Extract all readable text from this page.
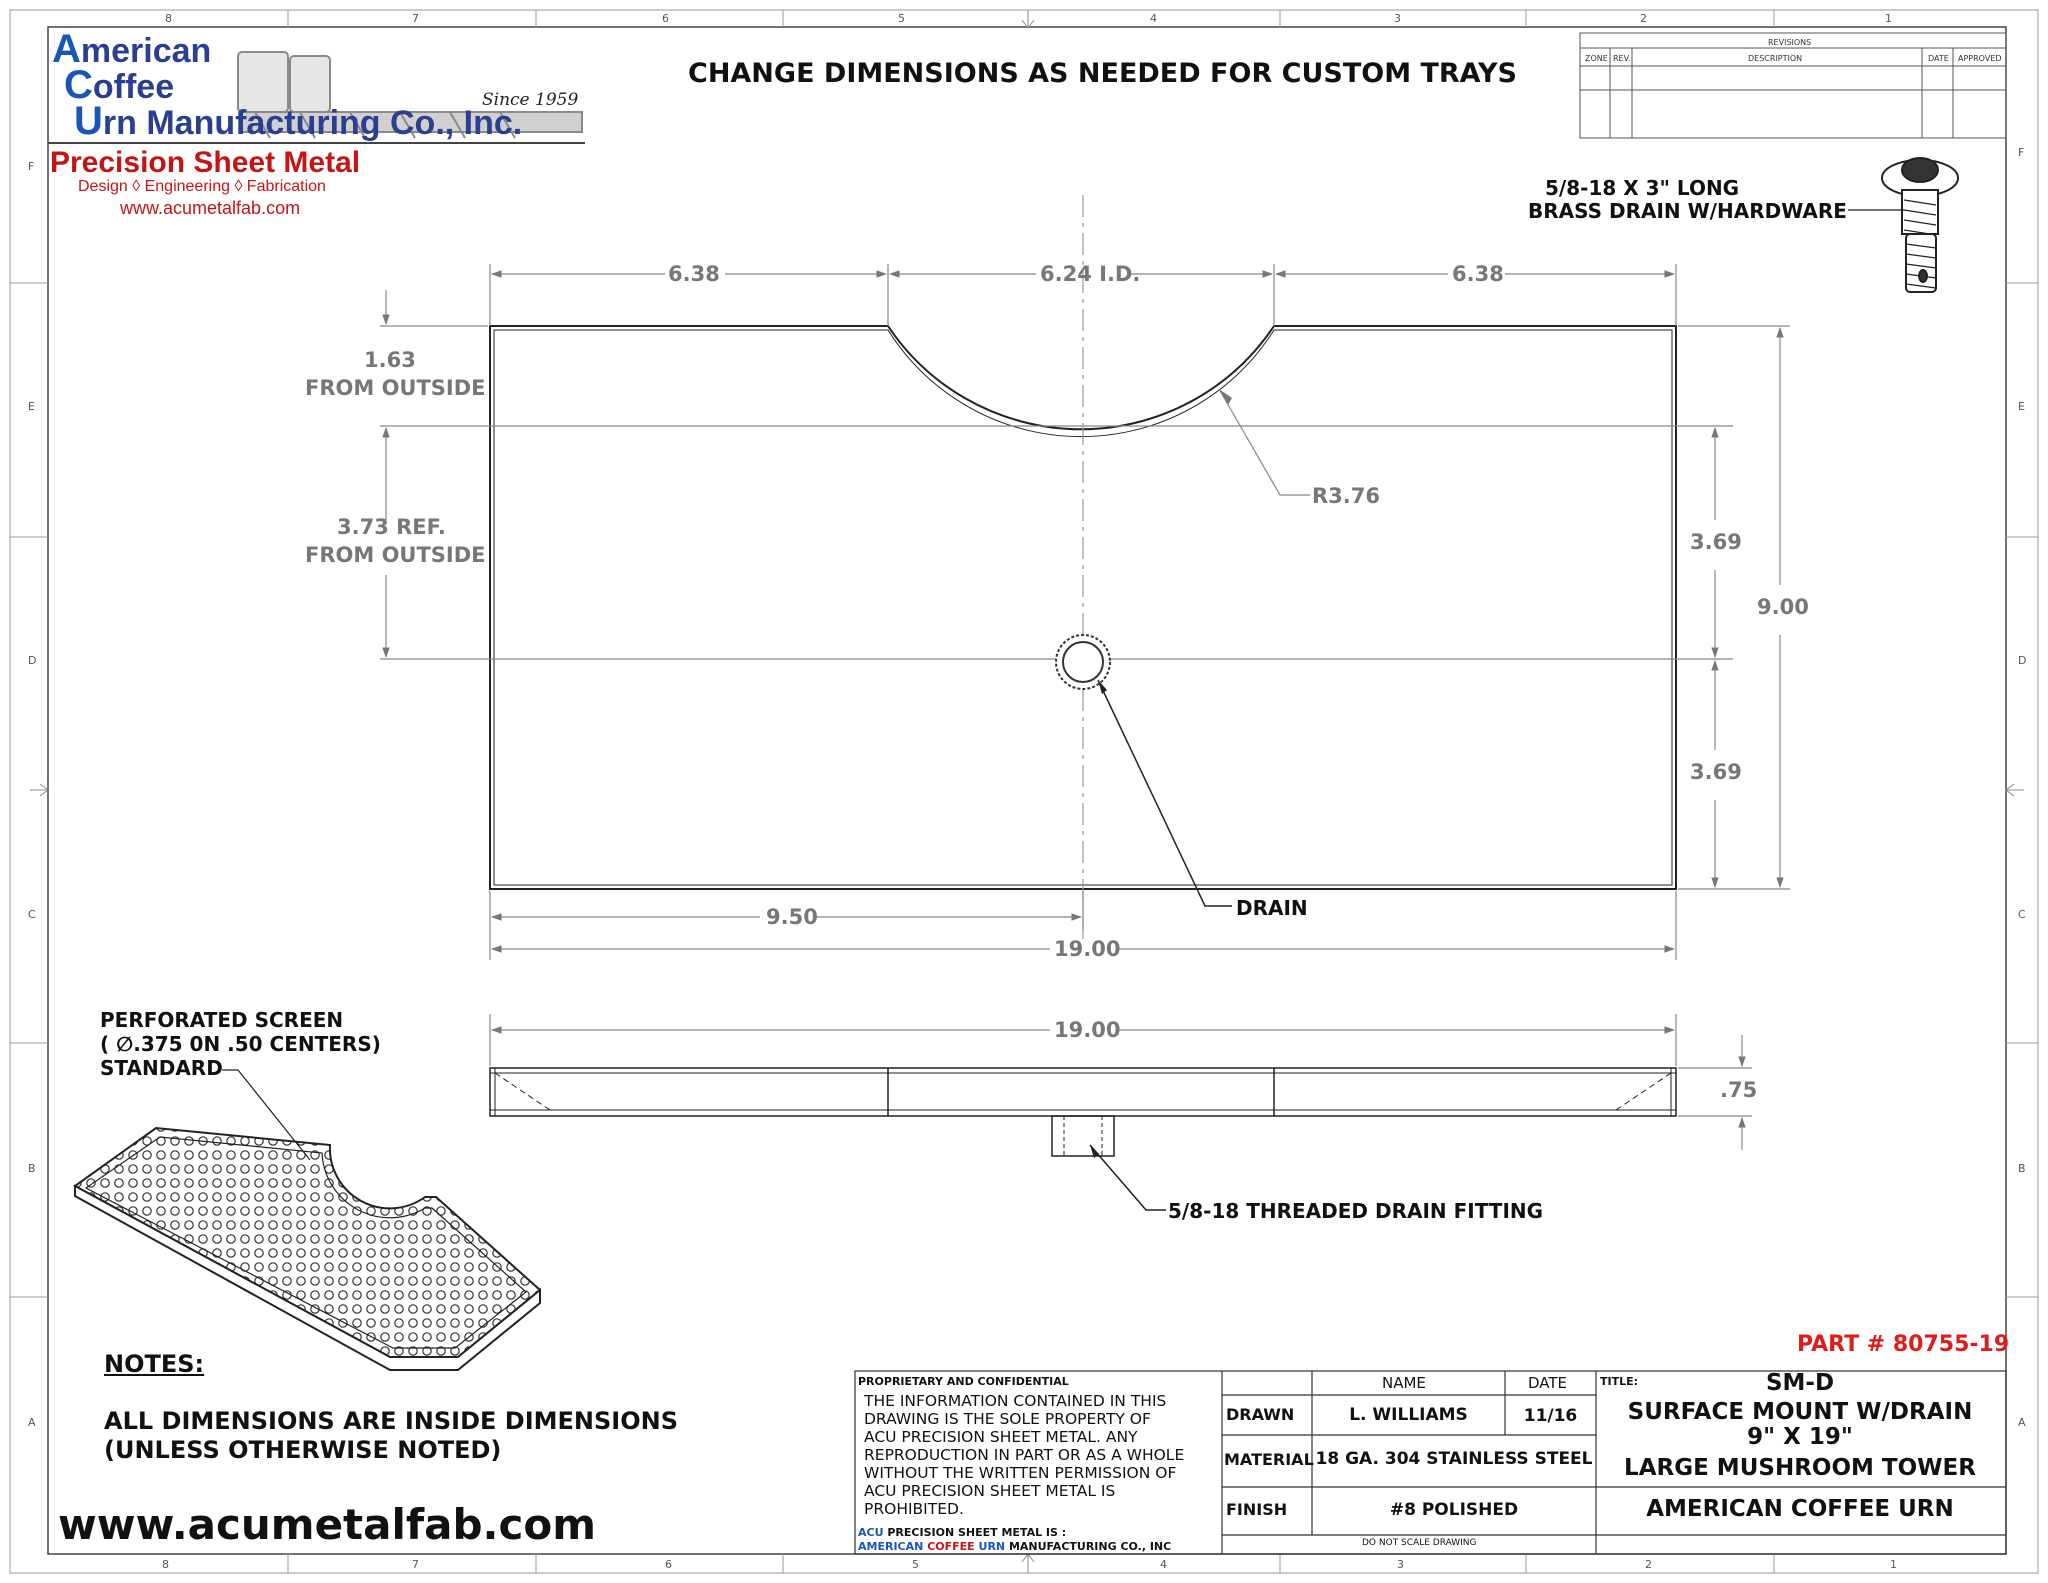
8	7	6	5	4	3	2	1
8	7	6	5	4	3	2	1
F
E
D
C
B
A
F
E
D
C
B
A
American
Coffee
Urn Manufacturing Co., Inc.
Since 1959
Precision Sheet Metal
Design ◊ Engineering ◊ Fabrication
www.acumetalfab.com
CHANGE DIMENSIONS AS NEEDED FOR CUSTOM TRAYS
REVISIONS
ZONE REV.	DESCRIPTION	DATE APPROVED
5/8-18 X 3" LONG
BRASS DRAIN W/HARDWARE
6.38	6.24 I.D.	6.38
1.63
FROM OUTSIDE
3.73 REF.
FROM OUTSIDE
R3.76
3.69
3.69
9.00
9.50
19.00
DRAIN
19.00
.75
5/8-18 THREADED DRAIN FITTING
PERFORATED SCREEN
( ∅.375 0N .50 CENTERS)
STANDARD
NOTES:
ALL DIMENSIONS ARE INSIDE DIMENSIONS
(UNLESS OTHERWISE NOTED)
www.acumetalfab.com
PART # 80755-19
PROPRIETARY AND CONFIDENTIAL
THE INFORMATION CONTAINED IN THIS
DRAWING IS THE SOLE PROPERTY OF
ACU PRECISION SHEET METAL. ANY
REPRODUCTION IN PART OR AS A WHOLE
WITHOUT THE WRITTEN PERMISSION OF
ACU PRECISION SHEET METAL IS
PROHIBITED.
ACU PRECISION SHEET METAL IS :
AMERICAN COFFEE URN MANUFACTURING CO., INC
NAME	DATE
DRAWN	L. WILLIAMS	11/16
MATERIAL 18 GA. 304 STAINLESS STEEL
FINISH	#8 POLISHED
DO NOT SCALE DRAWING
TITLE:	SM-D
SURFACE MOUNT W/DRAIN
9" X 19"
LARGE MUSHROOM TOWER
AMERICAN COFFEE URN
